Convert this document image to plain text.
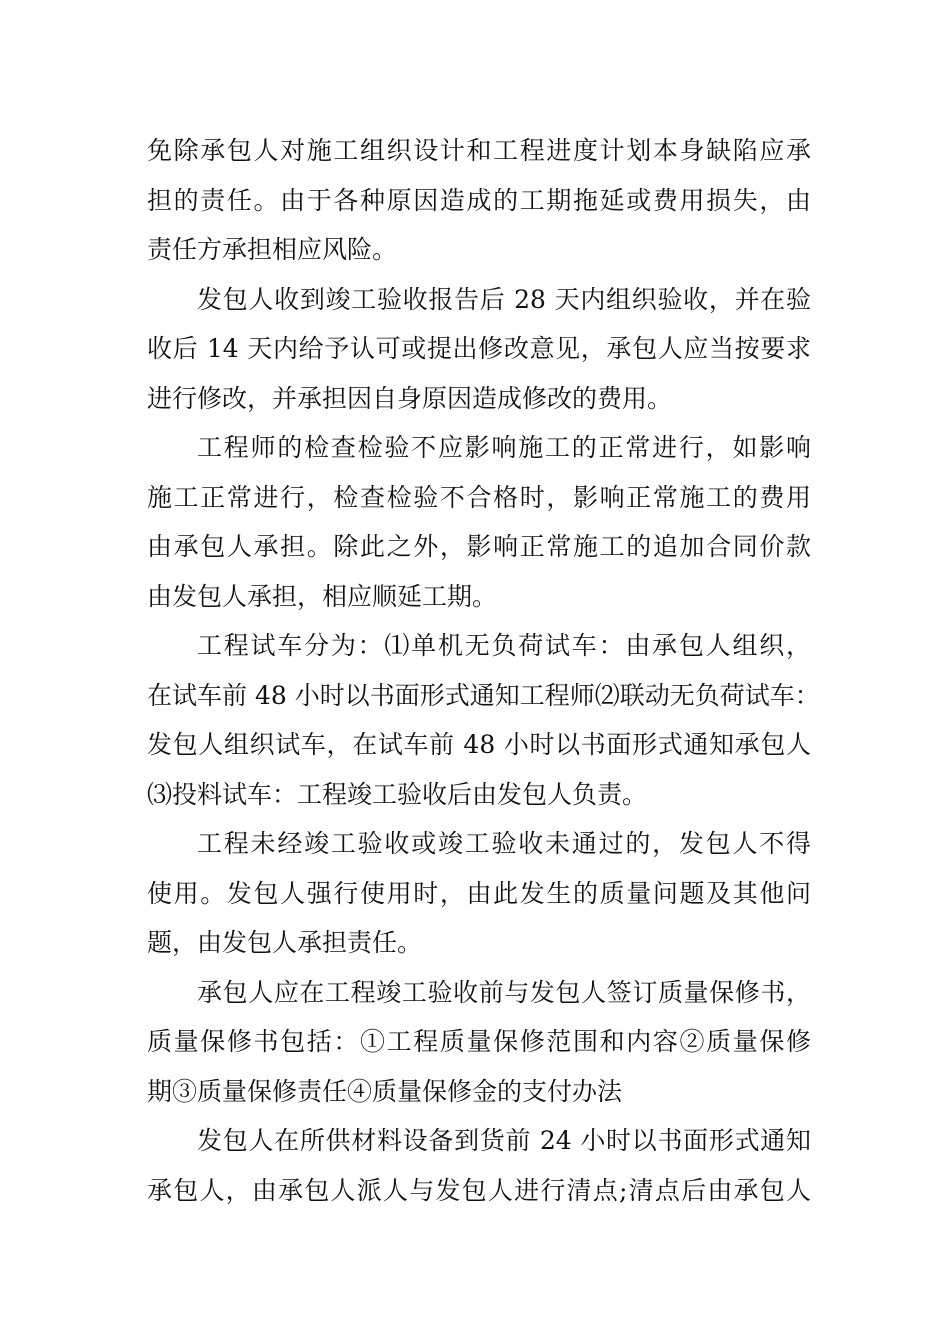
免除承包人对施工组织设计和工程进度计划本身缺陷应承
担的责任。由于各种原因造成的工期拖延或费用损失，由
责任方承担相应风险。
发包人收到竣工验收报告后 28 天内组织验收，并在验
收后 14 天内给予认可或提出修改意见，承包人应当按要求
进行修改，并承担因自身原因造成修改的费用。
工程师的检查检验不应影响施工的正常进行，如影响
施工正常进行，检查检验不合格时，影响正常施工的费用
由承包人承担。除此之外，影响正常施工的追加合同价款
由发包人承担，相应顺延工期。
工程试车分为：⑴单机无负荷试车：由承包人组织，
在试车前 48 小时以书面形式通知工程师⑵联动无负荷试车：
发包人组织试车，在试车前 48 小时以书面形式通知承包人
⑶投料试车：工程竣工验收后由发包人负责。
工程未经竣工验收或竣工验收未通过的，发包人不得
使用。发包人强行使用时，由此发生的质量问题及其他问
题，由发包人承担责任。
承包人应在工程竣工验收前与发包人签订质量保修书，
质量保修书包括：①工程质量保修范围和内容②质量保修
期③质量保修责任④质量保修金的支付办法
发包人在所供材料设备到货前 24 小时以书面形式通知
承包人，由承包人派人与发包人进行清点;清点后由承包人
